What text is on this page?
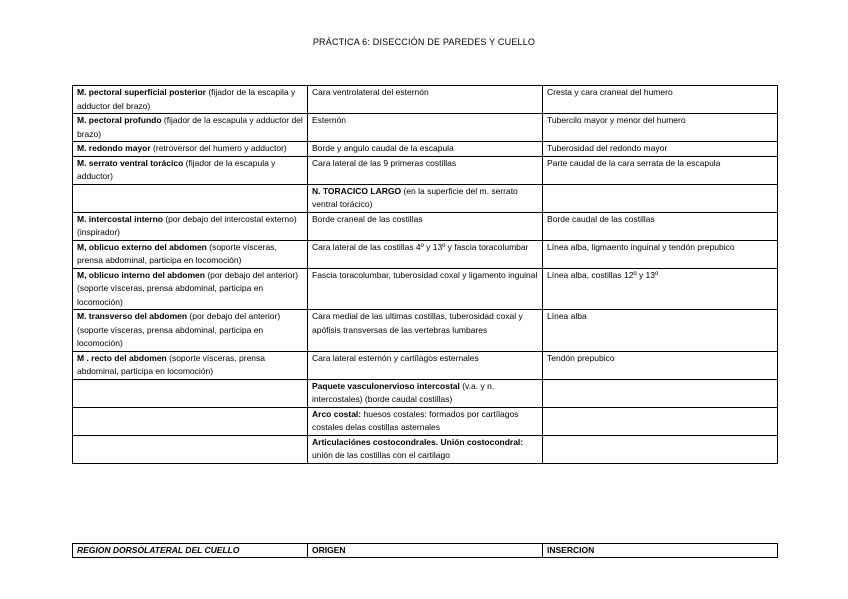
PRÁCTICA 6: DISECCIÓN DE PAREDES Y CUELLO
M. pectoral superficial posterior (fijador de la escapila y adductor del brazo)	Cara ventrolateral del esternón	Cresta y cara craneal del humero
M. pectoral profundo (fijador de la escapula y adductor del brazo)	Esternón	Tubercilo mayor y menor del humero
M. redondo mayor (retroversor del humero y adductor)	Borde y angulo caudal de la escapula	Tuberosidad del redondo mayor
M. serrato ventral torácico (fijador de la escapula y adductor)	Cara lateral de las 9 primeras costillas	Parte caudal de la cara serrata de la escapula
	N. TORACICO LARGO (en la superficie del m. serrato ventral torácico)	
M. intercostal interno (por debajo del intercostal externo) (inspirador)	Borde craneal de las costillas	Borde caudal de las costillas
M, oblicuo externo del abdomen (soporte vísceras, prensa abdominal, participa en locomoción)	Cara lateral de las costillas 4º y 13º y fascia toracolumbar	Línea alba, ligmaento inguinal y tendón prepubico
M, oblicuo interno del abdomen (por debajo del anterior) (soporte vísceras, prensa abdominal, participa en locomoción)	Fascia toracolumbar, tuberosidad coxal y ligamento inguinal	Línea alba, costillas 12º y 13º
M. transverso del abdomen (por debajo del anterior) (soporte vísceras, prensa abdominal, participa en locomoción)	Cara medial de las ultimas costillas, tuberosidad coxal y apófisis transversas de las vertebras lumbares	Línea alba
M . recto del abdomen (soporte vísceras, prensa abdominal, participa en locomoción)	Cara lateral esternón y cartílagos esternales	Tendón prepubico
	Paquete vasculonervioso intercostal (v.a. y n. intercostales) (borde caudal costillas)	
	Arco costal: huesos costales: formados por cartílagos costales delas costillas asternales	
	Articulaciónes costocondrales. Unión costocondral: unión de las costillas con el cartilago	
REGION DORSOLATERAL DEL CUELLO	ORIGEN	INSERCION
